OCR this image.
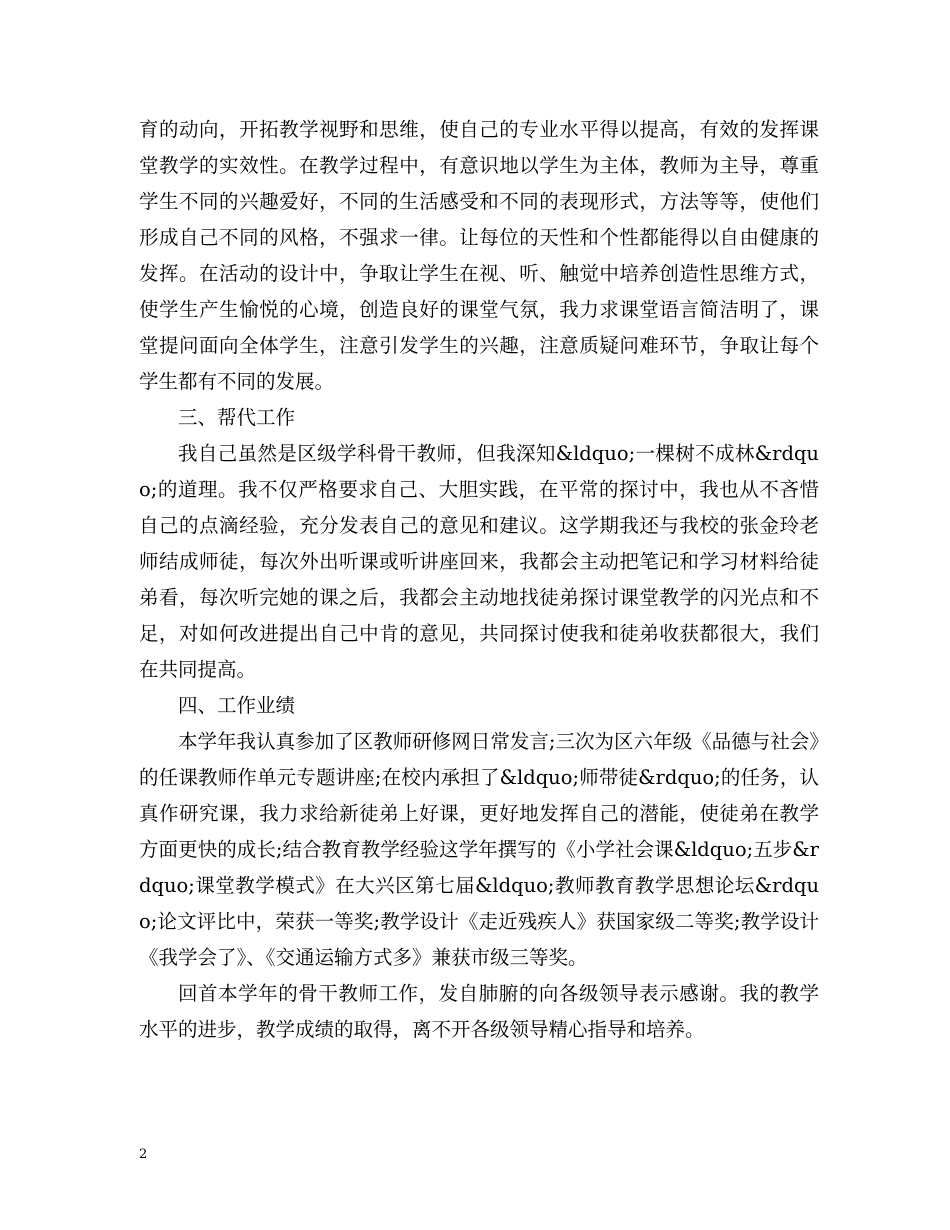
育的动向，开拓教学视野和思维，使自己的专业水平得以提高，有效的发挥课堂教学的实效性。在教学过程中，有意识地以学生为主体，教师为主导，尊重学生不同的兴趣爱好，不同的生活感受和不同的表现形式，方法等等，使他们形成自己不同的风格，不强求一律。让每位的天性和个性都能得以自由健康的发挥。在活动的设计中，争取让学生在视、听、触觉中培养创造性思维方式，使学生产生愉悦的心境，创造良好的课堂气氛，我力求课堂语言简洁明了，课堂提问面向全体学生，注意引发学生的兴趣，注意质疑问难环节，争取让每个学生都有不同的发展。

三、帮代工作

我自己虽然是区级学科骨干教师，但我深知&ldquo;一棵树不成林&rdquo;的道理。我不仅严格要求自己、大胆实践，在平常的探讨中，我也从不吝惜自己的点滴经验，充分发表自己的意见和建议。这学期我还与我校的张金玲老师结成师徒，每次外出听课或听讲座回来，我都会主动把笔记和学习材料给徒弟看，每次听完她的课之后，我都会主动地找徒弟探讨课堂教学的闪光点和不足，对如何改进提出自己中肯的意见，共同探讨使我和徒弟收获都很大，我们在共同提高。

四、工作业绩

本学年我认真参加了区教师研修网日常发言;三次为区六年级《品德与社会》的任课教师作单元专题讲座;在校内承担了&ldquo;师带徒&rdquo;的任务，认真作研究课，我力求给新徒弟上好课，更好地发挥自己的潜能，使徒弟在教学方面更快的成长;结合教育教学经验这学年撰写的《小学社会课&ldquo;五步&rdquo;课堂教学模式》在大兴区第七届&ldquo;教师教育教学思想论坛&rdquo;论文评比中，荣获一等奖;教学设计《走近残疾人》获国家级二等奖;教学设计《我学会了》、《交通运输方式多》兼获市级三等奖。

回首本学年的骨干教师工作，发自肺腑的向各级领导表示感谢。我的教学水平的进步，教学成绩的取得，离不开各级领导精心指导和培养。

2
